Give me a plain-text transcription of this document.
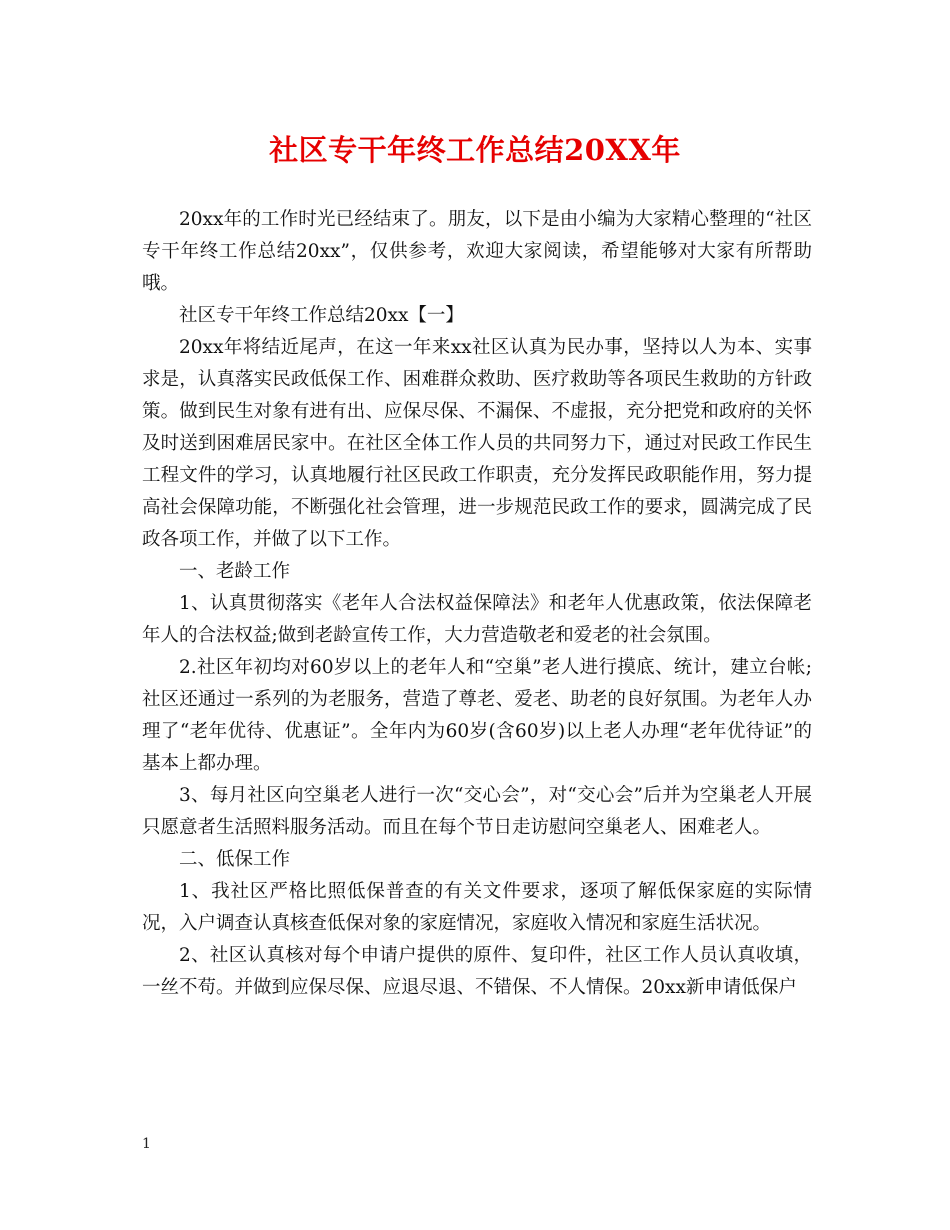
社区专干年终工作总结20XX年

20xx年的工作时光已经结束了。朋友，以下是由小编为大家精心整理的“社区专干年终工作总结20xx”，仅供参考，欢迎大家阅读，希望能够对大家有所帮助哦。

社区专干年终工作总结20xx【一】

20xx年将结近尾声，在这一年来xx社区认真为民办事，坚持以人为本、实事求是，认真落实民政低保工作、困难群众救助、医疗救助等各项民生救助的方针政策。做到民生对象有进有出、应保尽保、不漏保、不虚报，充分把党和政府的关怀及时送到困难居民家中。在社区全体工作人员的共同努力下，通过对民政工作民生工程文件的学习，认真地履行社区民政工作职责，充分发挥民政职能作用，努力提高社会保障功能，不断强化社会管理，进一步规范民政工作的要求，圆满完成了民政各项工作，并做了以下工作。

一、老龄工作

1、认真贯彻落实《老年人合法权益保障法》和老年人优惠政策，依法保障老年人的合法权益;做到老龄宣传工作，大力营造敬老和爱老的社会氛围。

2.社区年初均对60岁以上的老年人和“空巢”老人进行摸底、统计，建立台帐; 社区还通过一系列的为老服务，营造了尊老、爱老、助老的良好氛围。为老年人办理了“老年优待、优惠证”。全年内为60岁(含60岁)以上老人办理“老年优待证”的基本上都办理。

3、每月社区向空巢老人进行一次“交心会”，对“交心会”后并为空巢老人开展只愿意者生活照料服务活动。而且在每个节日走访慰问空巢老人、困难老人。

二、低保工作

1、我社区严格比照低保普查的有关文件要求，逐项了解低保家庭的实际情况，入户调查认真核查低保对象的家庭情况，家庭收入情况和家庭生活状况。

2、社区认真核对每个申请户提供的原件、复印件，社区工作人员认真收填，一丝不苟。并做到应保尽保、应退尽退、不错保、不人情保。20xx新申请低保户

1
